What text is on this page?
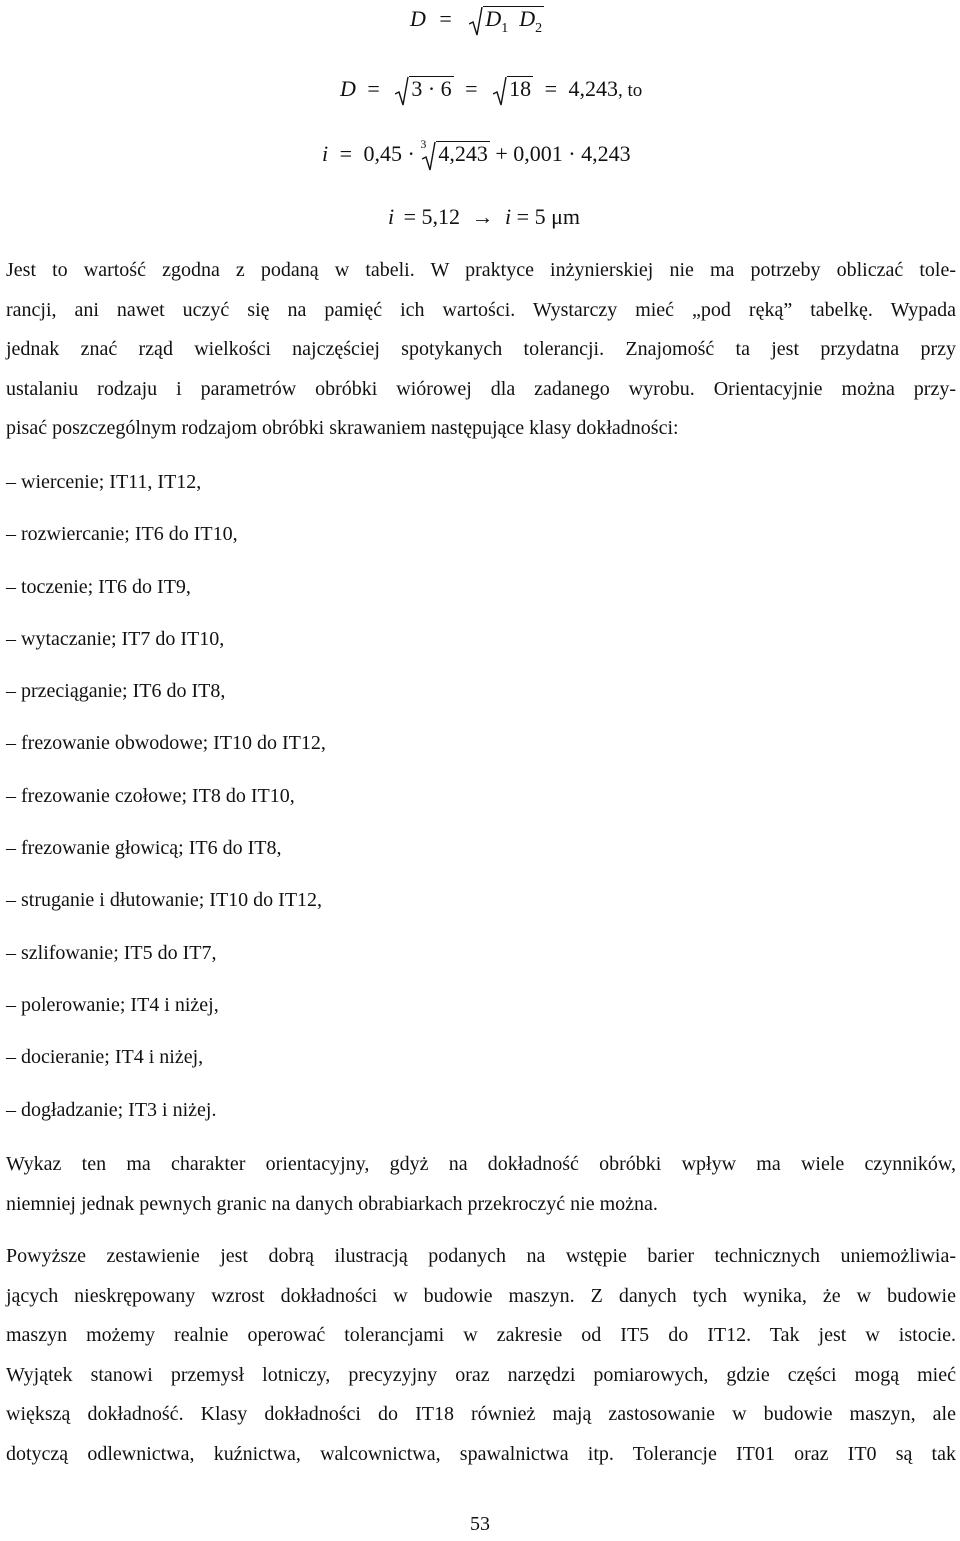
$D = D_1$ $D_2$
D = 3 · 6 = 18 = 4,243, to
i = 0,45 · 3 4,243 + 0,001 · 4,243
i = 5,12 → i = 5 μm
Jest to wartość zgodna z podaną w tabeli. W praktyce inżynierskiej nie ma potrzeby obliczać tole-
rancji, ani nawet uczyć się na pamięć ich wartości. Wystarczy mieć „pod ręką” tabelkę. Wypada
jednak znać rząd wielkości najczęściej spotykanych tolerancji. Znajomość ta jest przydatna przy
ustalaniu rodzaju i parametrów obróbki wiórowej dla zadanego wyrobu. Orientacyjnie można przy-
pisać poszczególnym rodzajom obróbki skrawaniem następujące klasy dokładności:
– wiercenie; IT11, IT12,
– rozwiercanie; IT6 do IT10,
– toczenie; IT6 do IT9,
– wytaczanie; IT7 do IT10,
– przeciąganie; IT6 do IT8,
– frezowanie obwodowe; IT10 do IT12,
– frezowanie czołowe; IT8 do IT10,
– frezowanie głowicą; IT6 do IT8,
– struganie i dłutowanie; IT10 do IT12,
– szlifowanie; IT5 do IT7,
– polerowanie; IT4 i niżej,
– docieranie; IT4 i niżej,
– dogładzanie; IT3 i niżej.
Wykaz ten ma charakter orientacyjny, gdyż na dokładność obróbki wpływ ma wiele czynników,
niemniej jednak pewnych granic na danych obrabiarkach przekroczyć nie można.
Powyższe zestawienie jest dobrą ilustracją podanych na wstępie barier technicznych uniemożliwia-
jących nieskrępowany wzrost dokładności w budowie maszyn. Z danych tych wynika, że w budowie
maszyn możemy realnie operować tolerancjami w zakresie od IT5 do IT12. Tak jest w istocie.
Wyjątek stanowi przemysł lotniczy, precyzyjny oraz narzędzi pomiarowych, gdzie części mogą mieć
większą dokładność. Klasy dokładności do IT18 również mają zastosowanie w budowie maszyn, ale
dotyczą odlewnictwa, kuźnictwa, walcownictwa, spawalnictwa itp. Tolerancje IT01 oraz IT0 są tak
53
